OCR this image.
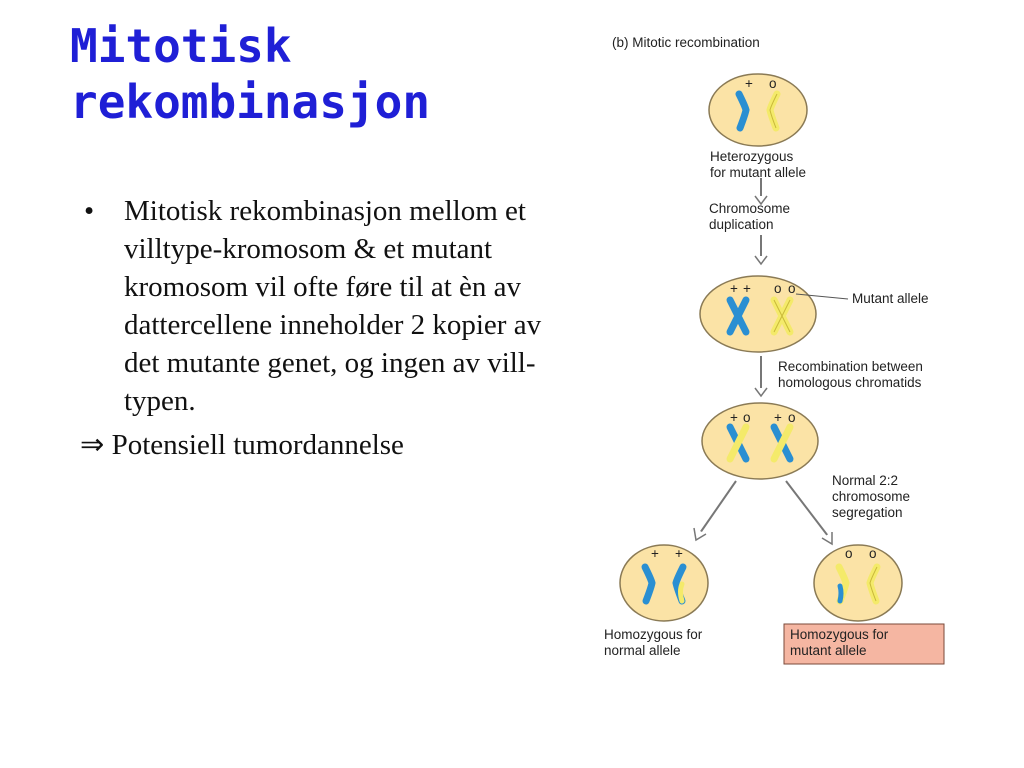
Mitotisk
rekombinasjon
•	Mitotisk rekombinasjon mellom et villtype-kromosom & et mutant kromosom vil ofte føre til at èn av dattercellene inneholder 2 kopier av det mutante genet, og ingen av vill-typen.
⇒ Potensiell tumordannelse
(b) Mitotic recombination
+ o
Heterozygous
for mutant allele
Chromosome
duplication
+ + o o
Mutant allele
Recombination between
homologous chromatids
+ o + o
Normal 2:2
chromosome
segregation
+ +	o o
Homozygous for
normal allele
Homozygous for
mutant allele
